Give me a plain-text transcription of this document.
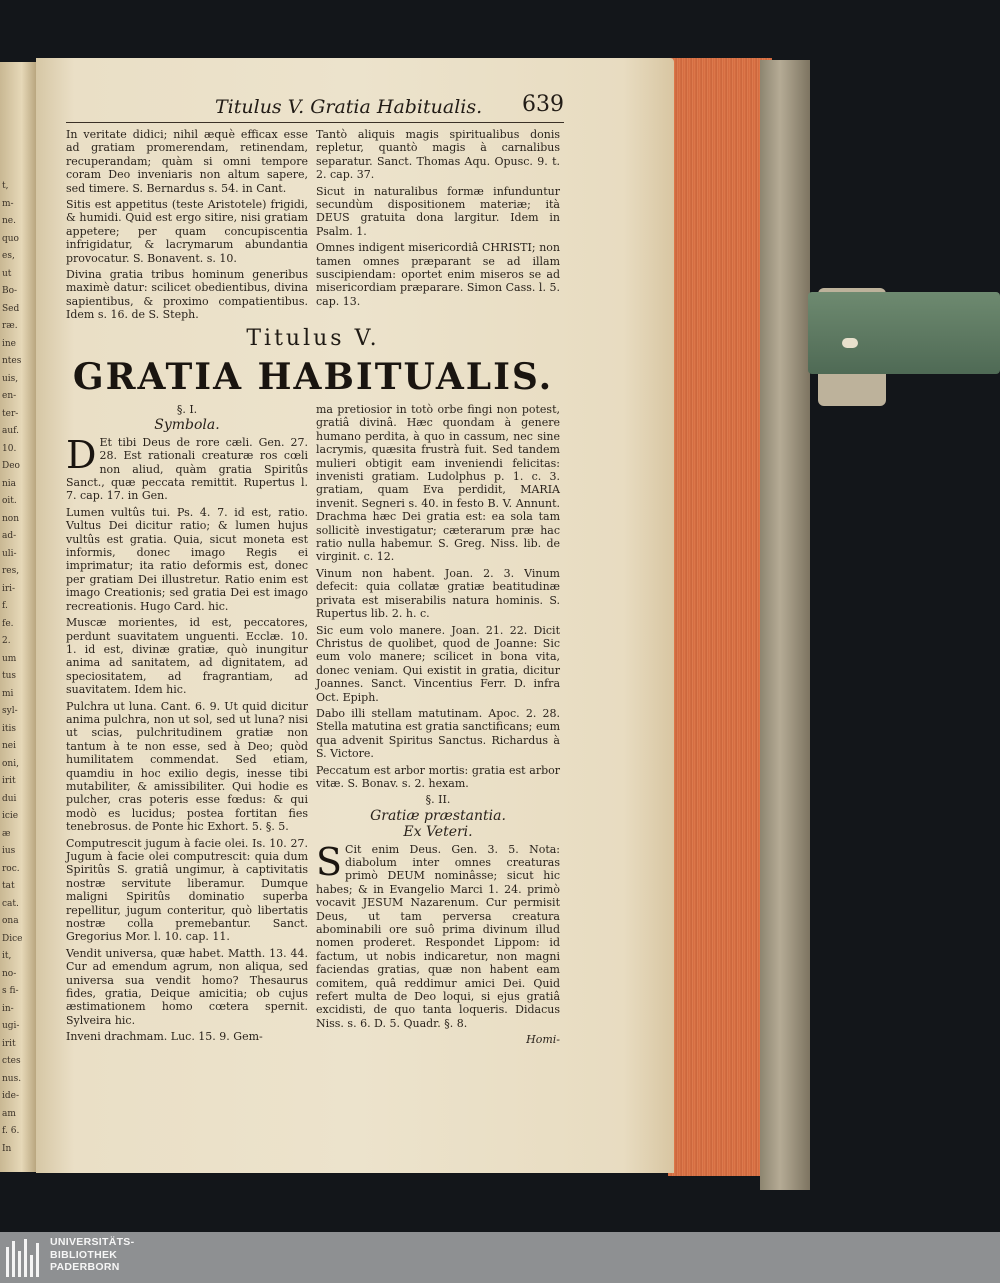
t,
m-
ne.
quo
es,
ut
Bo-
Sed
ræ.
ine
ntes
uis,
en-
ter-
auf.
10.
Deo
nia
oit.
non
ad-
uli-
res,
iri-
f.
fe.
2.
um
tus
mi
syl-
itis
nei
oni,
irit
dui
icie
æ
ius
roc.
tat
cat.
ona
Dice
it,
no-
s fi-
in-
ugi-
irit
ctes
nus.
ide-
am
f. 6.
In
Titulus V. Gratia Habitualis. 639

In veritate didici; nihil æquè efficax esse ad gratiam promerendam, retinendam, recuperandam; quàm si omni tempore coram Deo inveniaris non altum sapere, sed timere. S. Bernardus s. 54. in Cant.

Sitis est appetitus (teste Aristotele) frigidi, & humidi. Quid est ergo sitire, nisi gratiam appetere; per quam concupiscentia infrigidatur, & lacrymarum abundantia provocatur. S. Bonavent. s. 10.

Divina gratia tribus hominum generibus maximè datur: scilicet obedientibus, divina sapientibus, & proximo compatientibus. Idem s. 16. de S. Steph.

Tantò aliquis magis spiritualibus donis repletur, quantò magis à carnalibus separatur. Sanct. Thomas Aqu. Opusc. 9. t. 2. cap. 37.

Sicut in naturalibus formæ infunduntur secundùm dispositionem materiæ; ità DEUS gratuita dona largitur. Idem in Psalm. 1.

Omnes indigent misericordiâ CHRISTI; non tamen omnes præparant se ad illam suscipiendam: oportet enim miseros se ad misericordiam præparare. Simon Cass. l. 5. cap. 13.

Titulus V.
GRATIA HABITUALIS.

§. I.

Symbola.

D Et tibi Deus de rore cæli. Gen. 27. 28. Est rationali creaturæ ros cœli non aliud, quàm gratia Spiritûs Sanct., quæ peccata remittit. Rupertus l. 7. cap. 17. in Gen.

Lumen vultûs tui. Ps. 4. 7. id est, ratio. Vultus Dei dicitur ratio; & lumen hujus vultûs est gratia. Quia, sicut moneta est informis, donec imago Regis ei imprimatur; ita ratio deformis est, donec per gratiam Dei illustretur. Ratio enim est imago Creationis; sed gratia Dei est imago recreationis. Hugo Card. hic.

Muscæ morientes, id est, peccatores, perdunt suavitatem unguenti. Ecclæ. 10. 1. id est, divinæ gratiæ, quò inungitur anima ad sanitatem, ad dignitatem, ad speciositatem, ad fragrantiam, ad suavitatem. Idem hic.

Pulchra ut luna. Cant. 6. 9. Ut quid dicitur anima pulchra, non ut sol, sed ut luna? nisi ut scias, pulchritudinem gratiæ non tantum à te non esse, sed à Deo; quòd humilitatem commendat. Sed etiam, quamdiu in hoc exilio degis, inesse tibi mutabiliter, & amissibiliter. Qui hodie es pulcher, cras poteris esse fœdus: & qui modò es lucidus; postea fortitan fies tenebrosus. de Ponte hic Exhort. 5. §. 5.

Computrescit jugum à facie olei. Is. 10. 27. Jugum à facie olei computrescit: quia dum Spiritûs S. gratiâ ungimur, à captivitatis nostræ servitute liberamur. Dumque maligni Spiritûs dominatio superba repellitur, jugum conteritur, quò libertatis nostræ colla premebantur. Sanct. Gregorius Mor. l. 10. cap. 11.

Vendit universa, quæ habet. Matth. 13. 44. Cur ad emendum agrum, non aliqua, sed universa sua vendit homo? Thesaurus fides, gratia, Deique amicitia; ob cujus æstimationem homo cœtera spernit. Sylveira hic.

Inveni drachmam. Luc. 15. 9. Gem-

ma pretiosior in totò orbe fingi non potest, gratiâ divinâ. Hæc quondam à genere humano perdita, à quo in cassum, nec sine lacrymis, quæsita frustrà fuit. Sed tandem mulieri obtigit eam inveniendi felicitas: invenisti gratiam. Ludolphus p. 1. c. 3. gratiam, quam Eva perdidit, MARIA invenit. Segneri s. 40. in festo B. V. Annunt. Drachma hæc Dei gratia est: ea sola tam sollicitè investigatur; cæterarum præ hac ratio nulla habemur. S. Greg. Niss. lib. de virginit. c. 12.

Vinum non habent. Joan. 2. 3. Vinum defecit: quia collatæ gratiæ beatitudinæ privata est miserabilis natura hominis. S. Rupertus lib. 2. h. c.

Sic eum volo manere. Joan. 21. 22. Dicit Christus de quolibet, quod de Joanne: Sic eum volo manere; scilicet in bona vita, donec veniam. Qui existit in gratia, dicitur Joannes. Sanct. Vincentius Ferr. D. infra Oct. Epiph.

Dabo illi stellam matutinam. Apoc. 2. 28. Stella matutina est gratia sanctificans; eum qua advenit Spiritus Sanctus. Richardus à S. Victore.

Peccatum est arbor mortis: gratia est arbor vitæ. S. Bonav. s. 2. hexam.

§. II.

Gratiæ præstantia.

Ex Veteri.

S Cit enim Deus. Gen. 3. 5. Nota: diabolum inter omnes creaturas primò DEUM nominâsse; sicut hic habes; & in Evangelio Marci 1. 24. primò vocavit JESUM Nazarenum. Cur permisit Deus, ut tam perversa creatura abominabili ore suô prima divinum illud nomen proderet. Respondet Lippom: id factum, ut nobis indicaretur, non magni faciendas gratias, quæ non habent eam comitem, quâ reddimur amici Dei. Quid refert multa de Deo loqui, si ejus gratiâ excidisti, de quo tanta loqueris. Didacus Niss. s. 6. D. 5. Quadr. §. 8.

Homi-

UNIVERSITÄTS-
BIBLIOTHEK
PADERBORN
